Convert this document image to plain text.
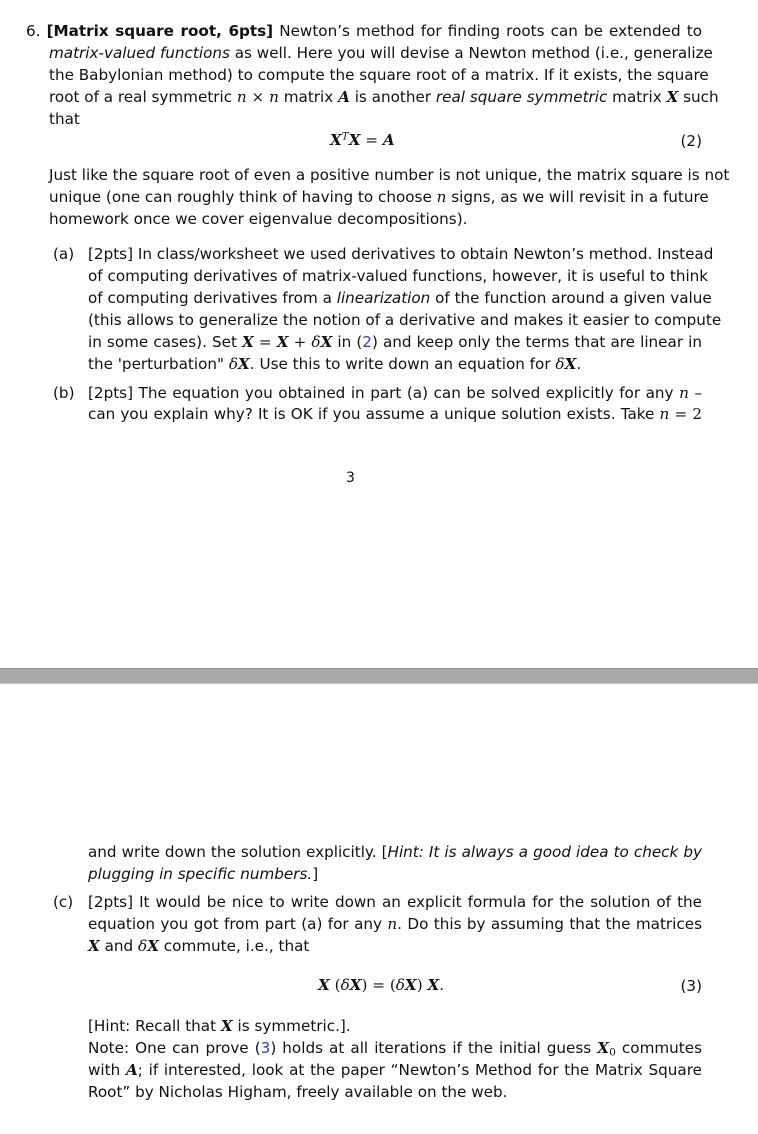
6. [Matrix square root, 6pts] Newton’s method for finding roots can be extended to
matrix-valued functions as well. Here you will devise a Newton method (i.e., generalize
the Babylonian method) to compute the square root of a matrix. If it exists, the square
root of a real symmetric n × n matrix A is another real square symmetric matrix X such
that
$X^TX = A$	(2)
Just like the square root of even a positive number is not unique, the matrix square is not
unique (one can roughly think of having to choose n signs, as we will revisit in a future
homework once we cover eigenvalue decompositions).
(a) [2pts] In class/worksheet we used derivatives to obtain Newton’s method. Instead
of computing derivatives of matrix-valued functions, however, it is useful to think
of computing derivatives from a linearization of the function around a given value
(this allows to generalize the notion of a derivative and makes it easier to compute
in some cases). Set X = X + δX in (2) and keep only the terms that are linear in
the 'perturbation" δX. Use this to write down an equation for δX.
(b) [2pts] The equation you obtained in part (a) can be solved explicitly for any n –
can you explain why? It is OK if you assume a unique solution exists. Take n = 2
3
and write down the solution explicitly. [Hint: It is always a good idea to check by
plugging in specific numbers.]
(c) [2pts] It would be nice to write down an explicit formula for the solution of the
equation you got from part (a) for any n. Do this by assuming that the matrices
X and δX commute, i.e., that
X (δX) = (δX) X.	(3)
[Hint: Recall that X is symmetric.].
Note: One can prove (3) holds at all iterations if the initial guess $X_0$ commutes
with A; if interested, look at the paper “Newton’s Method for the Matrix Square
Root” by Nicholas Higham, freely available on the web.
